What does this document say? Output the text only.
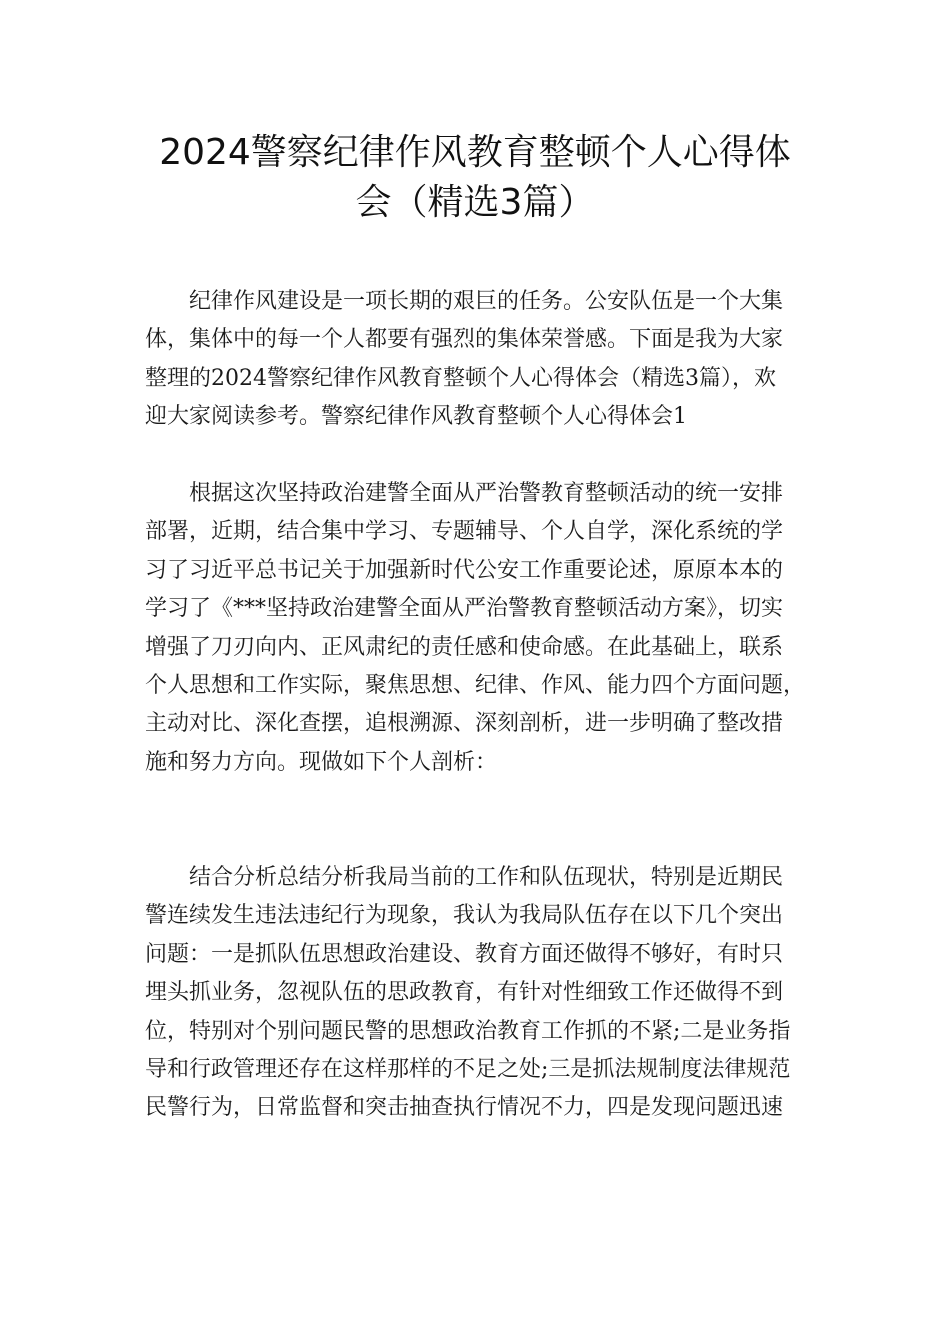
2024警察纪律作风教育整顿个人心得体
会（精选3篇）

纪律作风建设是一项长期的艰巨的任务。公安队伍是一个大集
体，集体中的每一个人都要有强烈的集体荣誉感。下面是我为大家
整理的2024警察纪律作风教育整顿个人心得体会（精选3篇），欢
迎大家阅读参考。警察纪律作风教育整顿个人心得体会1

根据这次坚持政治建警全面从严治警教育整顿活动的统一安排
部署，近期，结合集中学习、专题辅导、个人自学，深化系统的学
习了习近平总书记关于加强新时代公安工作重要论述，原原本本的
学习了《***坚持政治建警全面从严治警教育整顿活动方案》，切实
增强了刀刃向内、正风肃纪的责任感和使命感。在此基础上，联系
个人思想和工作实际，聚焦思想、纪律、作风、能力四个方面问题，
主动对比、深化查摆，追根溯源、深刻剖析，进一步明确了整改措
施和努力方向。现做如下个人剖析：

结合分析总结分析我局当前的工作和队伍现状，特别是近期民
警连续发生违法违纪行为现象，我认为我局队伍存在以下几个突出
问题：一是抓队伍思想政治建设、教育方面还做得不够好，有时只
埋头抓业务，忽视队伍的思政教育，有针对性细致工作还做得不到
位，特别对个别问题民警的思想政治教育工作抓的不紧;二是业务指
导和行政管理还存在这样那样的不足之处;三是抓法规制度法律规范
民警行为，日常监督和突击抽查执行情况不力，四是发现问题迅速
